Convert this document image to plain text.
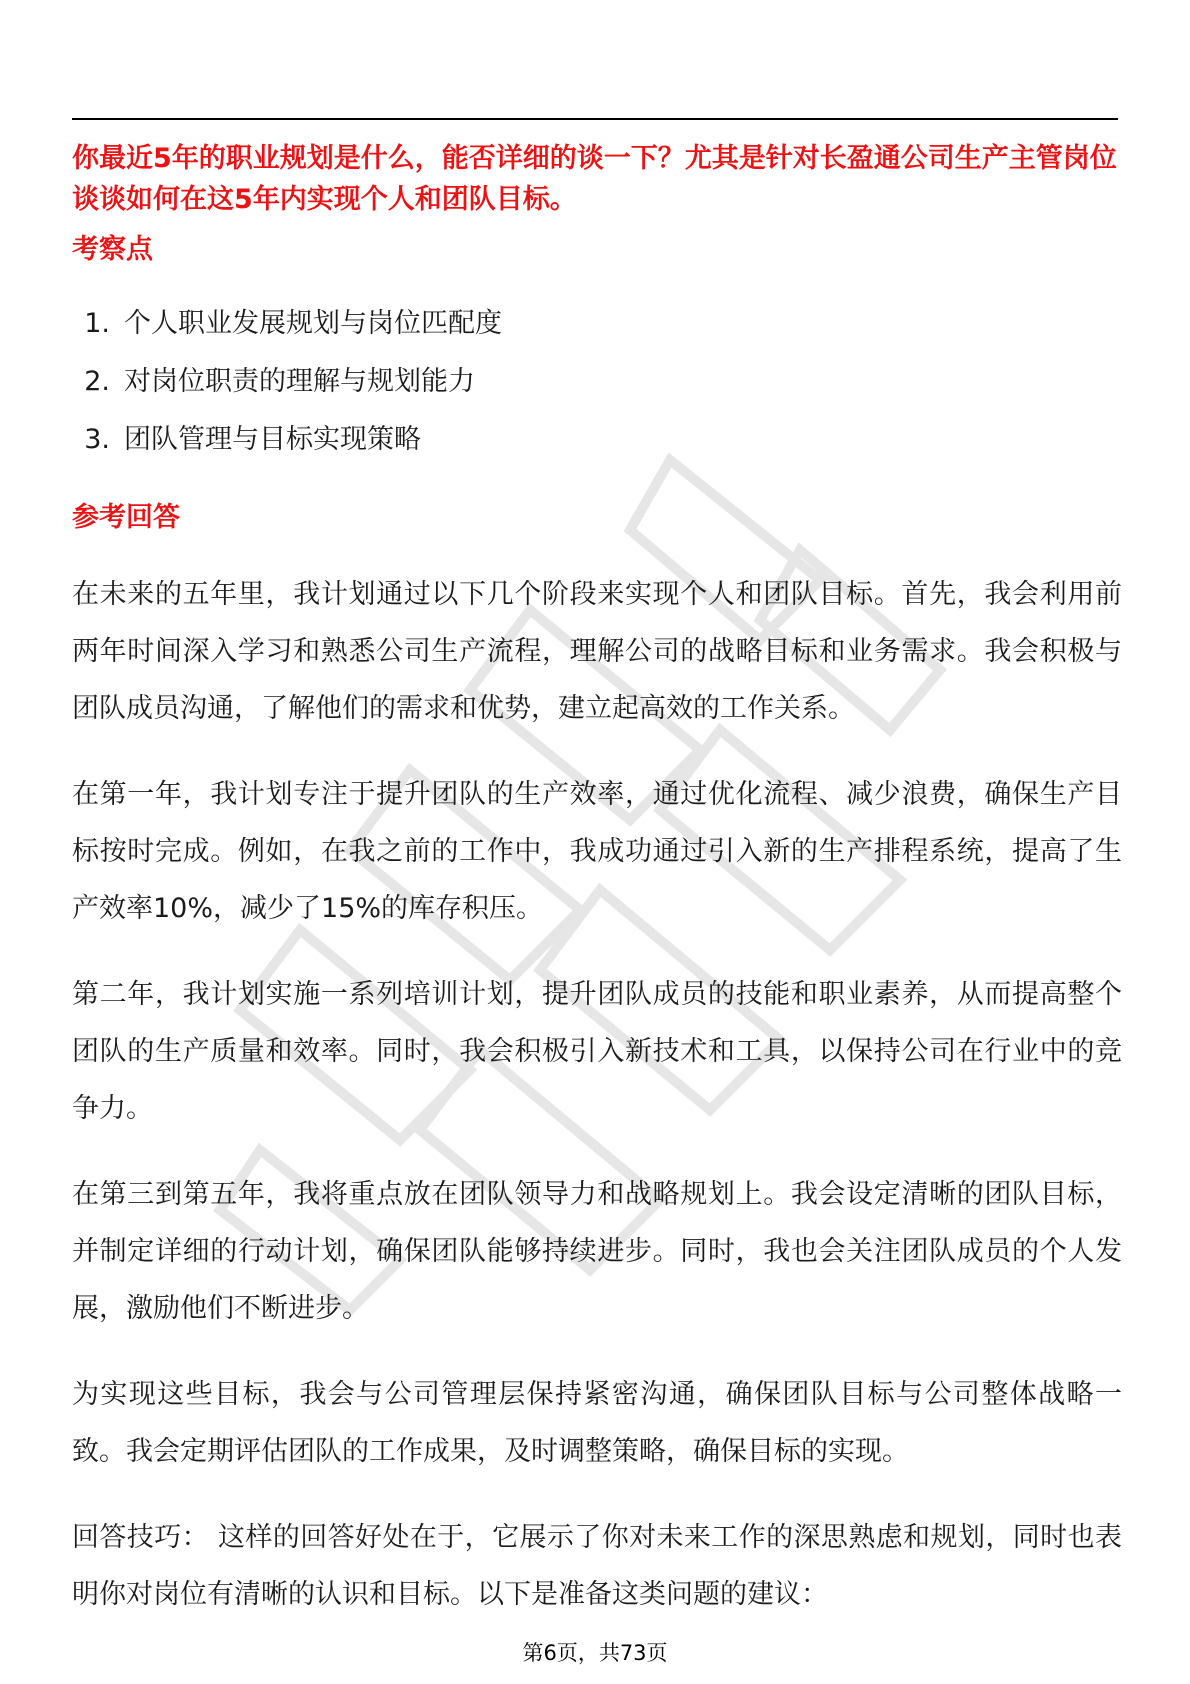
你最近5年的职业规划是什么，能否详细的谈一下？尤其是针对长盈通公司生产主管岗位谈谈如何在这5年内实现个人和团队目标。

考察点
1. 个人职业发展规划与岗位匹配度
2. 对岗位职责的理解与规划能力
3. 团队管理与目标实现策略
参考回答

在未来的五年里，我计划通过以下几个阶段来实现个人和团队目标。首先，我会利用前两年时间深入学习和熟悉公司生产流程，理解公司的战略目标和业务需求。我会积极与团队成员沟通，了解他们的需求和优势，建立起高效的工作关系。

在第一年，我计划专注于提升团队的生产效率，通过优化流程、减少浪费，确保生产目标按时完成。例如，在我之前的工作中，我成功通过引入新的生产排程系统，提高了生产效率10%，减少了15%的库存积压。

第二年，我计划实施一系列培训计划，提升团队成员的技能和职业素养，从而提高整个团队的生产质量和效率。同时，我会积极引入新技术和工具，以保持公司在行业中的竞争力。

在第三到第五年，我将重点放在团队领导力和战略规划上。我会设定清晰的团队目标，并制定详细的行动计划，确保团队能够持续进步。同时，我也会关注团队成员的个人发展，激励他们不断进步。

为实现这些目标，我会与公司管理层保持紧密沟通，确保团队目标与公司整体战略一致。我会定期评估团队的工作成果，及时调整策略，确保目标的实现。

回答技巧： 这样的回答好处在于，它展示了你对未来工作的深思熟虑和规划，同时也表明你对岗位有清晰的认识和目标。以下是准备这类问题的建议：

第6页，共73页
